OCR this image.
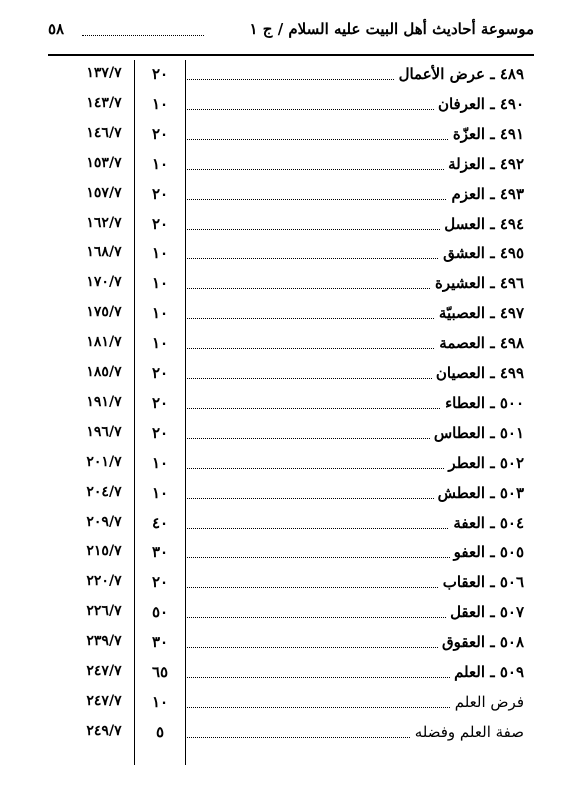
موسوعة أحاديث أهل البيت عليه السلام / ج ١
٥٨
٤٨٩ ـ عرض الأعمال
٢٠
١٣٧/٧
٤٩٠ ـ العرفان
١٠
١٤٣/٧
٤٩١ ـ العزّة
٢٠
١٤٦/٧
٤٩٢ ـ العزلة
١٠
١٥٣/٧
٤٩٣ ـ العزم
٢٠
١٥٧/٧
٤٩٤ ـ العسل
٢٠
١٦٢/٧
٤٩٥ ـ العشق
١٠
١٦٨/٧
٤٩٦ ـ العشيرة
١٠
١٧٠/٧
٤٩٧ ـ العصبيّة
١٠
١٧٥/٧
٤٩٨ ـ العصمة
١٠
١٨١/٧
٤٩٩ ـ العصيان
٢٠
١٨٥/٧
٥٠٠ ـ العطاء
٢٠
١٩١/٧
٥٠١ ـ العطاس
٢٠
١٩٦/٧
٥٠٢ ـ العطر
١٠
٢٠١/٧
٥٠٣ ـ العطش
١٠
٢٠٤/٧
٥٠٤ ـ العفة
٤٠
٢٠٩/٧
٥٠٥ ـ العفو
٣٠
٢١٥/٧
٥٠٦ ـ العقاب
٢٠
٢٢٠/٧
٥٠٧ ـ العقل
٥٠
٢٢٦/٧
٥٠٨ ـ العقوق
٣٠
٢٣٩/٧
٥٠٩ ـ العلم
٦٥
٢٤٧/٧
فرض العلم
١٠
٢٤٧/٧
صفة العلم وفضله
٥
٢٤٩/٧
